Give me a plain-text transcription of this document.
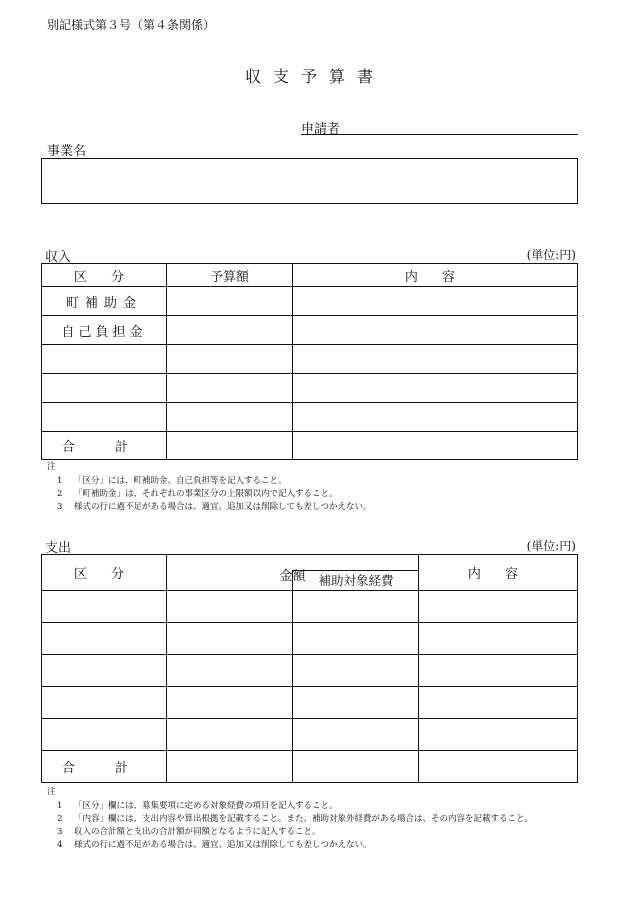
別記様式第３号（第４条関係）
収支予算書
申請者
事業名
収入	(単位:円)
区 分	予算額	内 容
町補助金		
自己負担金		

合 計		
注
1 「区分」には、町補助金、自己負担等を記入すること。
2 「町補助金」は、それぞれの事業区分の上限額以内で記入すること。
3 様式の行に過不足がある場合は、適宜、追加又は削除しても差しつかえない。
支出	(単位:円)
区 分	金額	補助対象経費	内 容

合 計			
注
1 「区分」欄には、募集要項に定める対象経費の項目を記入すること。
2 「内容」欄には、支出内容や算出根拠を記載すること。また、補助対象外経費がある場合は、その内容を記載すること。
3 収入の合計額と支出の合計額が同額となるように記入すること。
4 様式の行に過不足がある場合は、適宜、追加又は削除しても差しつかえない。
